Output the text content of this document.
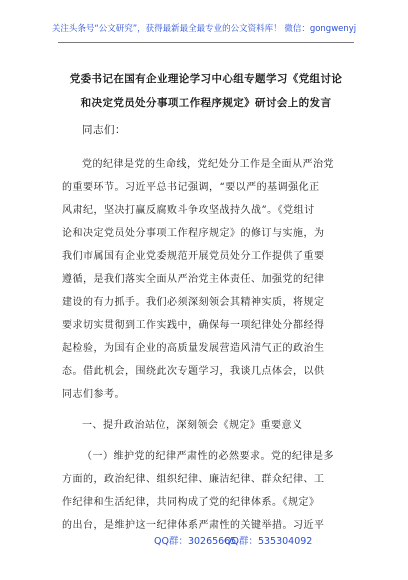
关注头条号“公文研究”，获得最新最全最专业的公文资料库！ 微信：gongwenyj
党委书记在国有企业理论学习中心组专题学习《党组讨论
和决定党员处分事项工作程序规定》研讨会上的发言
同志们：
党的纪律是党的生命线，党纪处分工作是全面从严治党
的重要环节。习近平总书记强调，“要以严的基调强化正
风肃纪，坚决打赢反腐败斗争攻坚战持久战”。《党组讨
论和决定党员处分事项工作程序规定》的修订与实施，为
我们市属国有企业党委规范开展党员处分工作提供了重要
遵循，是我们落实全面从严治党主体责任、加强党的纪律
建设的有力抓手。我们必须深刻领会其精神实质，将规定
要求切实贯彻到工作实践中，确保每一项纪律处分都经得
起检验，为国有企业的高质量发展营造风清气正的政治生
态。借此机会，围绕此次专题学习，我谈几点体会，以供
同志们参考。
一、提升政治站位，深刻领会《规定》重要意义
（一）维护党的纪律严肃性的必然要求。党的纪律是多
方面的，政治纪律、组织纪律、廉洁纪律、群众纪律、工
作纪律和生活纪律，共同构成了党的纪律体系。《规定》
的出台，是维护这一纪律体系严肃性的关键举措。习近平
QQ群：30265665
QQ群：535304092
